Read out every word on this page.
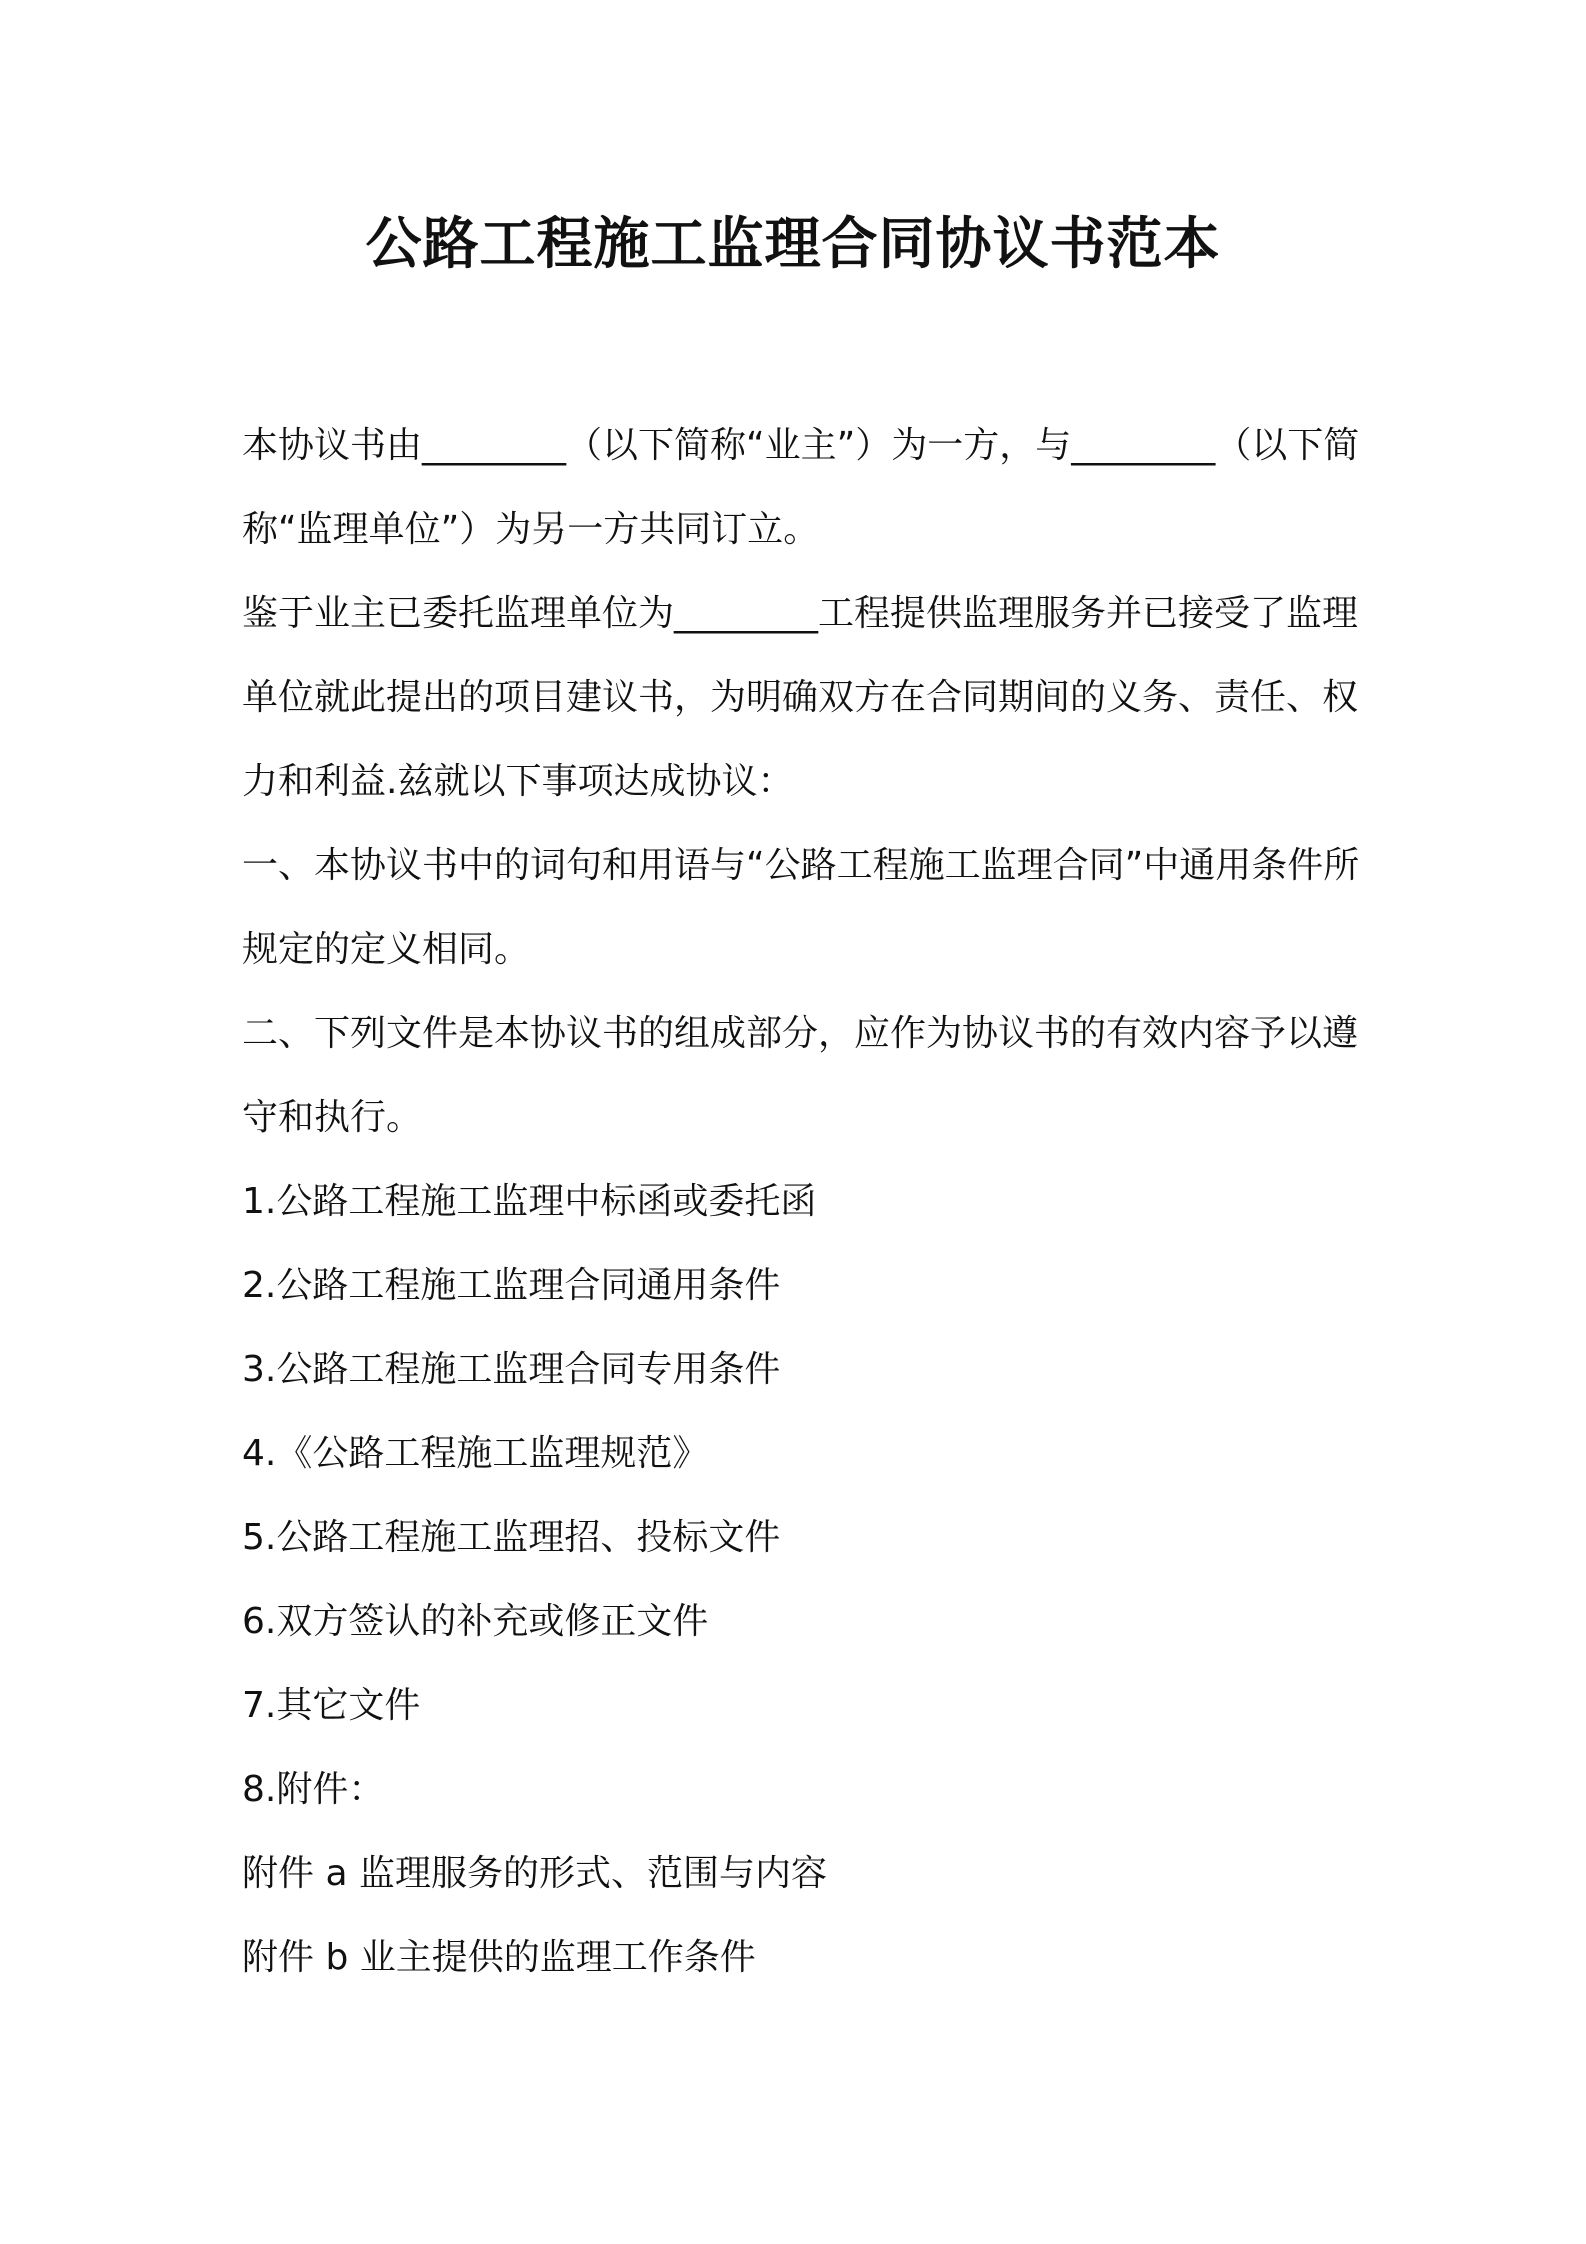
公路工程施工监理合同协议书范本

本协议书由________（以下简称“业主”）为一方，与________（以下简称“监理单位”）为另一方共同订立。

鉴于业主已委托监理单位为________工程提供监理服务并已接受了监理单位就此提出的项目建议书，为明确双方在合同期间的义务、责任、权力和利益.兹就以下事项达成协议：

一、本协议书中的词句和用语与“公路工程施工监理合同”中通用条件所规定的定义相同。

二、下列文件是本协议书的组成部分，应作为协议书的有效内容予以遵守和执行。

1.公路工程施工监理中标函或委托函

2.公路工程施工监理合同通用条件

3.公路工程施工监理合同专用条件

4.《公路工程施工监理规范》

5.公路工程施工监理招、投标文件

6.双方签认的补充或修正文件

7.其它文件

8.附件：

附件 a 监理服务的形式、范围与内容

附件 b 业主提供的监理工作条件
